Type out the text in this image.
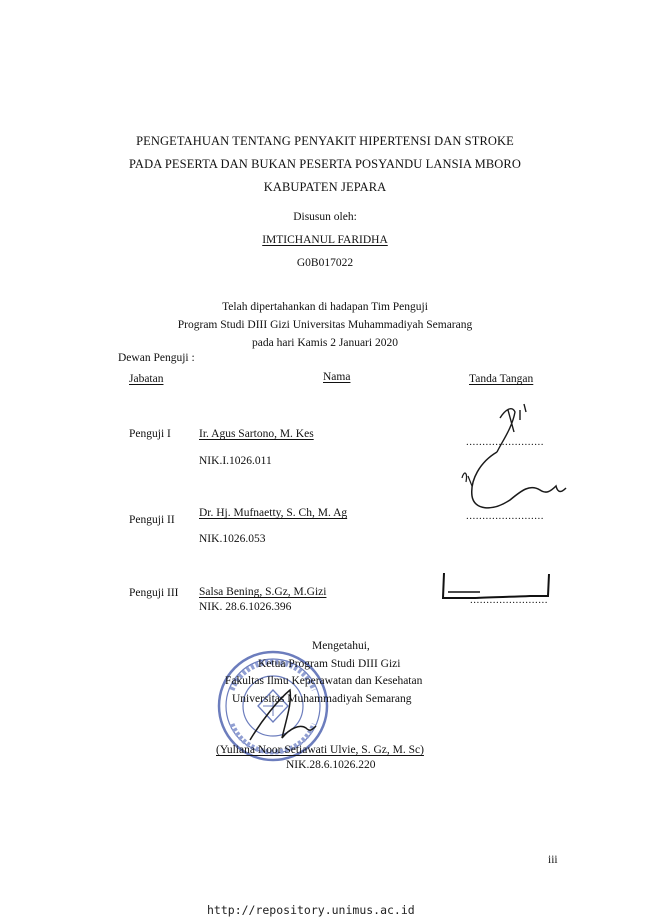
PENGETAHUAN TENTANG PENYAKIT HIPERTENSI DAN STROKE
PADA PESERTA DAN BUKAN PESERTA POSYANDU LANSIA MBORO
KABUPATEN JEPARA
Disusun oleh:
IMTICHANUL FARIDHA
G0B017022
Telah dipertahankan di hadapan Tim Penguji
Program Studi DIII Gizi Universitas Muhammadiyah Semarang
pada hari Kamis 2 Januari 2020
Dewan Penguji :
Jabatan	Nama	Tanda Tangan
Penguji I Ir. Agus Sartono, M. Kes
NIK.I.1026.011
........................
Dr. Hj. Mufnaetty, S. Ch, M. Ag
Penguji II
NIK.1026.053
........................
Penguji III Salsa Bening, S.Gz, M.Gizi
NIK. 28.6.1026.396
........................
Mengetahui,
Ketua Program Studi DIII Gizi
Fakultas Ilmu Keperawatan dan Kesehatan
Universitas Muhammadiyah Semarang
(Yuliana Noor Setiawati Ulvie, S. Gz, M. Sc)
NIK.28.6.1026.220
iii
http://repository.unimus.ac.id
